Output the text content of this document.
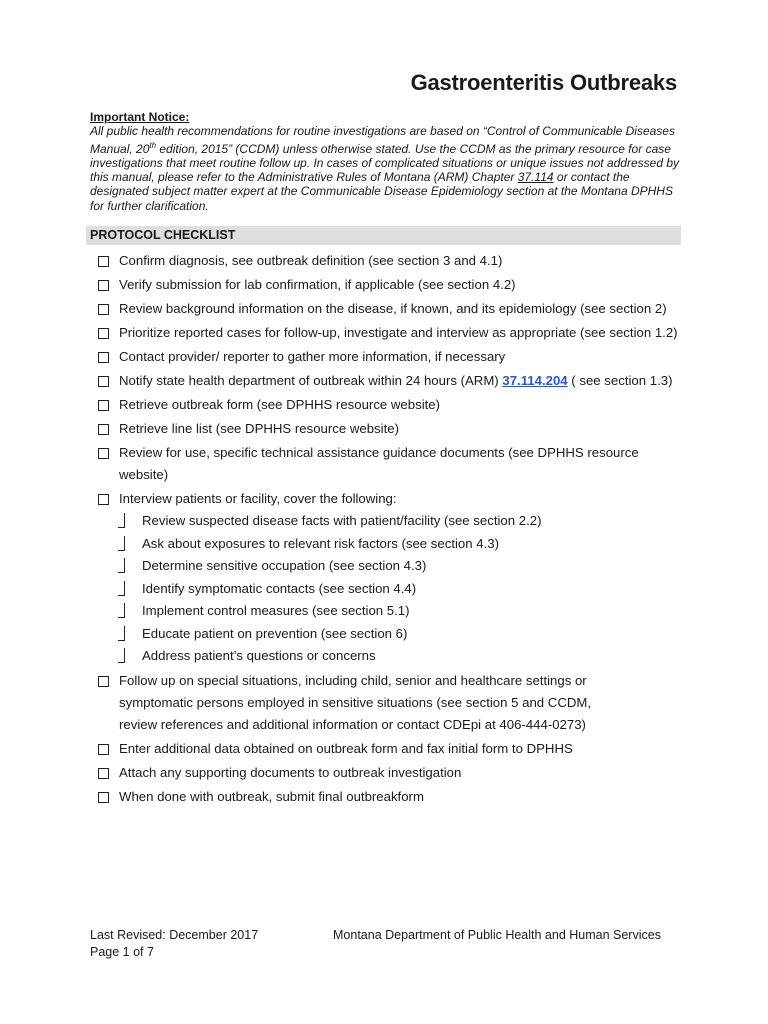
Gastroenteritis Outbreaks
Important Notice:
All public health recommendations for routine investigations are based on “Control of Communicable Diseases Manual, 20th edition, 2015” (CCDM) unless otherwise stated. Use the CCDM as the primary resource for case investigations that meet routine follow up. In cases of complicated situations or unique issues not addressed by this manual, please refer to the Administrative Rules of Montana (ARM) Chapter 37.114 or contact the designated subject matter expert at the Communicable Disease Epidemiology section at the Montana DPHHS for further clarification.
PROTOCOL CHECKLIST
Confirm diagnosis, see outbreak definition (see section 3 and 4.1)
Verify submission for lab confirmation, if applicable (see section 4.2)
Review background information on the disease, if known, and its epidemiology (see section 2)
Prioritize reported cases for follow-up, investigate and interview as appropriate (see section 1.2)
Contact provider/ reporter to gather more information, if necessary
Notify state health department of outbreak within 24 hours (ARM) 37.114.204 ( see section 1.3)
Retrieve outbreak form (see DPHHS resource website)
Retrieve line list (see DPHHS resource website)
Review for use, specific technical assistance guidance documents (see DPHHS resource website)
Interview patients or facility, cover the following:
Review suspected disease facts with patient/facility (see section 2.2)
Ask about exposures to relevant risk factors (see section 4.3)
Determine sensitive occupation (see section 4.3)
Identify symptomatic contacts (see section 4.4)
Implement control measures (see section 5.1)
Educate patient on prevention (see section 6)
Address patient’s questions or concerns
Follow up on special situations, including child, senior and healthcare settings or symptomatic persons employed in sensitive situations (see section 5 and CCDM, review references and additional information or contact CDEpi at 406-444-0273)
Enter additional data obtained on outbreak form and fax initial form to DPHHS
Attach any supporting documents to outbreak investigation
When done with outbreak, submit final outbreakform
Last Revised: December 2017
Page 1 of 7
Montana Department of Public Health and Human Services
